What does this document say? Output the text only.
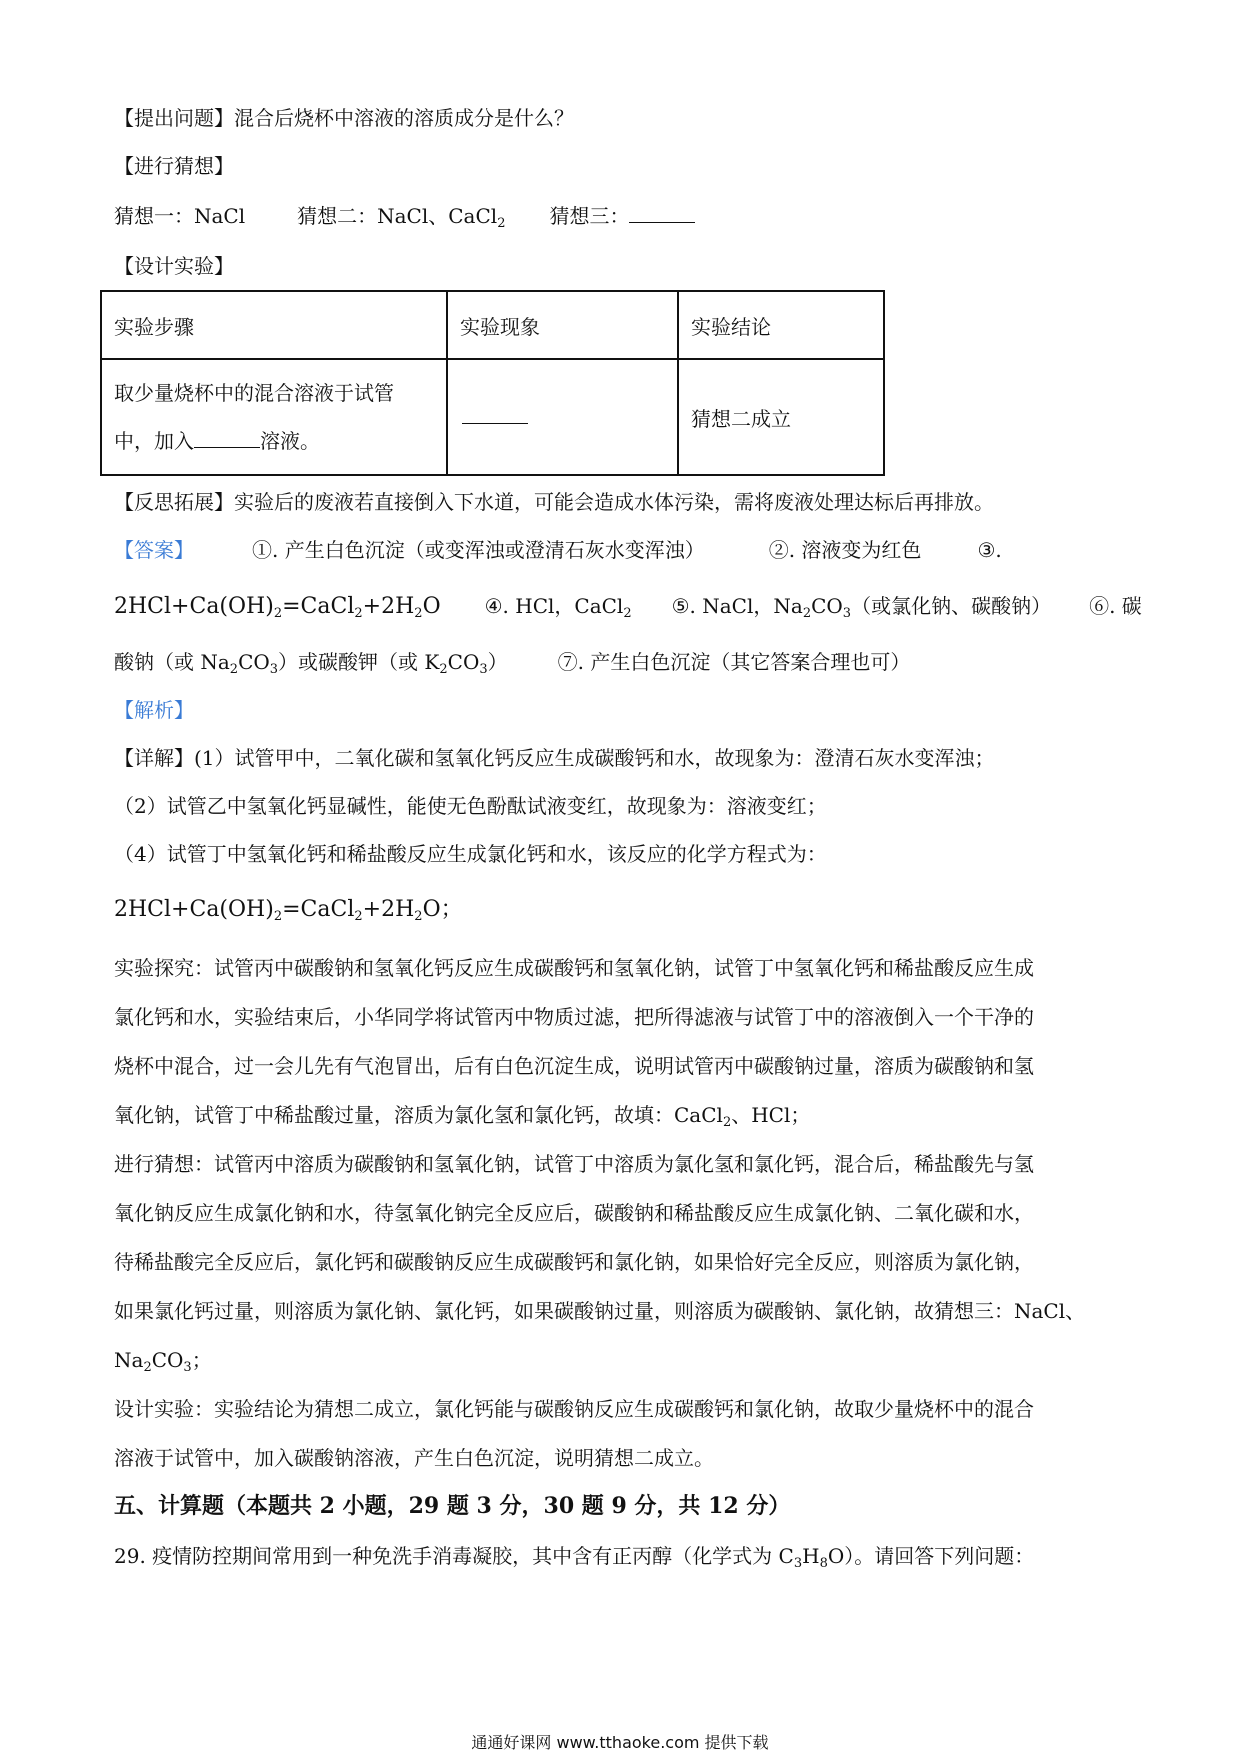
【提出问题】混合后烧杯中溶液的溶质成分是什么？
【进行猜想】
猜想一：NaCl	猜想二：NaCl、CaCl$_2$ 猜想三：
【设计实验】
实验步骤	实验现象	实验结论
取少量烧杯中的混合溶液于试管
中，加入 溶液。		猜想二成立
【反思拓展】实验后的废液若直接倒入下水道，可能会造成水体污染，需将废液处理达标后再排放。
【答案】	①. 产生白色沉淀（或变浑浊或澄清石灰水变浑浊）	②. 溶液变为红色	③.
$2HCl+Ca(OH)_2=CaCl_2+2H_2O$ ④. HCl，CaCl$_2$ ⑤. NaCl，$Na_2CO_3$（或氯化钠、碳酸钠） ⑥. 碳
酸钠（或 $Na_2CO_3$）或碳酸钾（或 $K_2CO_3$）	⑦. 产生白色沉淀（其它答案合理也可）
【解析】
【详解】(1）试管甲中，二氧化碳和氢氧化钙反应生成碳酸钙和水，故现象为：澄清石灰水变浑浊；
（2）试管乙中氢氧化钙显碱性，能使无色酚酞试液变红，故现象为：溶液变红；
（4）试管丁中氢氧化钙和稀盐酸反应生成氯化钙和水，该反应的化学方程式为：
$2HCl+Ca(OH)_2=CaCl_2+2H_2O$；
实验探究：试管丙中碳酸钠和氢氧化钙反应生成碳酸钙和氢氧化钠，试管丁中氢氧化钙和稀盐酸反应生成
氯化钙和水，实验结束后，小华同学将试管丙中物质过滤，把所得滤液与试管丁中的溶液倒入一个干净的
烧杯中混合，过一会儿先有气泡冒出，后有白色沉淀生成，说明试管丙中碳酸钠过量，溶质为碳酸钠和氢
氧化钠，试管丁中稀盐酸过量，溶质为氯化氢和氯化钙，故填：CaCl$_2$、HCl；
进行猜想：试管丙中溶质为碳酸钠和氢氧化钠，试管丁中溶质为氯化氢和氯化钙，混合后，稀盐酸先与氢
氧化钠反应生成氯化钠和水，待氢氧化钠完全反应后，碳酸钠和稀盐酸反应生成氯化钠、二氧化碳和水，
待稀盐酸完全反应后，氯化钙和碳酸钠反应生成碳酸钙和氯化钠，如果恰好完全反应，则溶质为氯化钠，
如果氯化钙过量，则溶质为氯化钠、氯化钙，如果碳酸钠过量，则溶质为碳酸钠、氯化钠，故猜想三：NaCl、
$Na_2CO_3$；
设计实验：实验结论为猜想二成立，氯化钙能与碳酸钠反应生成碳酸钙和氯化钠，故取少量烧杯中的混合
溶液于试管中，加入碳酸钠溶液，产生白色沉淀，说明猜想二成立。
五、计算题（本题共 2 小题，29 题 3 分，30 题 9 分，共 12 分）
29. 疫情防控期间常用到一种免洗手消毒凝胶，其中含有正丙醇（化学式为 $C_3H_8O$）。请回答下列问题：
通通好课网 www.tthaoke.com 提供下载
